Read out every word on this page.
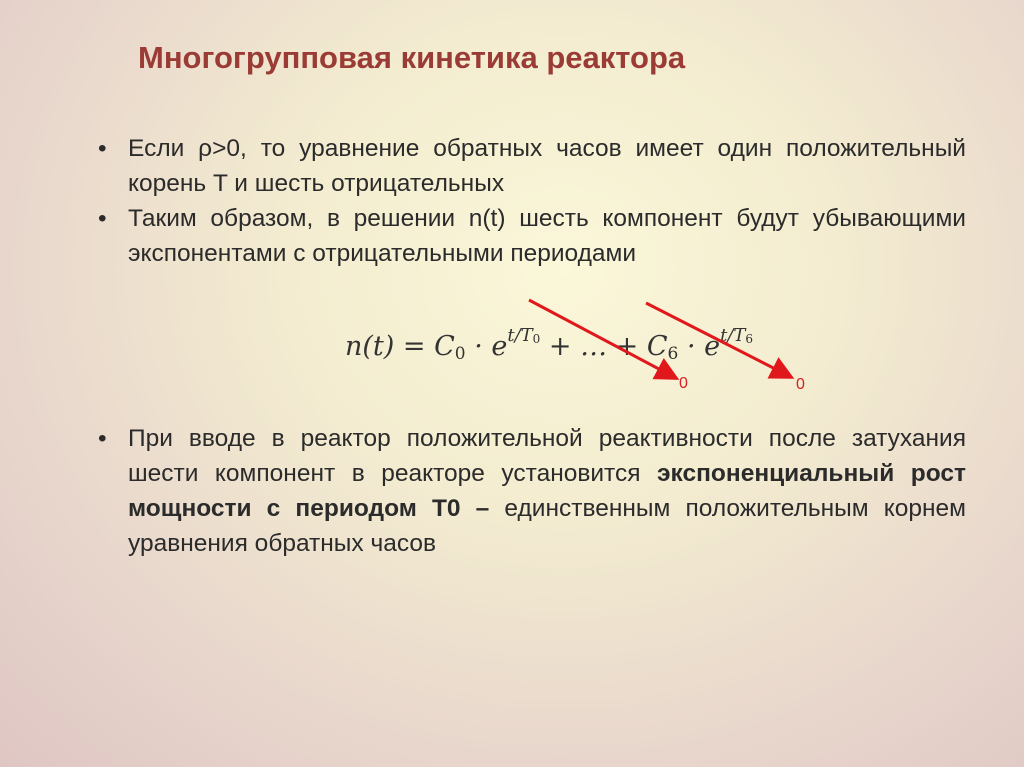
Многогрупповая кинетика реактора
• Если ρ>0, то уравнение обратных часов имеет один положительный корень T и шесть отрицательных
• Таким образом, в решении n(t) шесть компонент будут убывающими экспонентами с отрицательными периодами
$n(t) = C_0 \cdot e^{t/T_0}$ + … + $C_6 \cdot e^{t/T_6}$
0	0
• При вводе в реактор положительной реактивности после затухания шести компонент в реакторе установится экспоненциальный рост мощности с периодом T0 – единственным положительным корнем уравнения обратных часов
